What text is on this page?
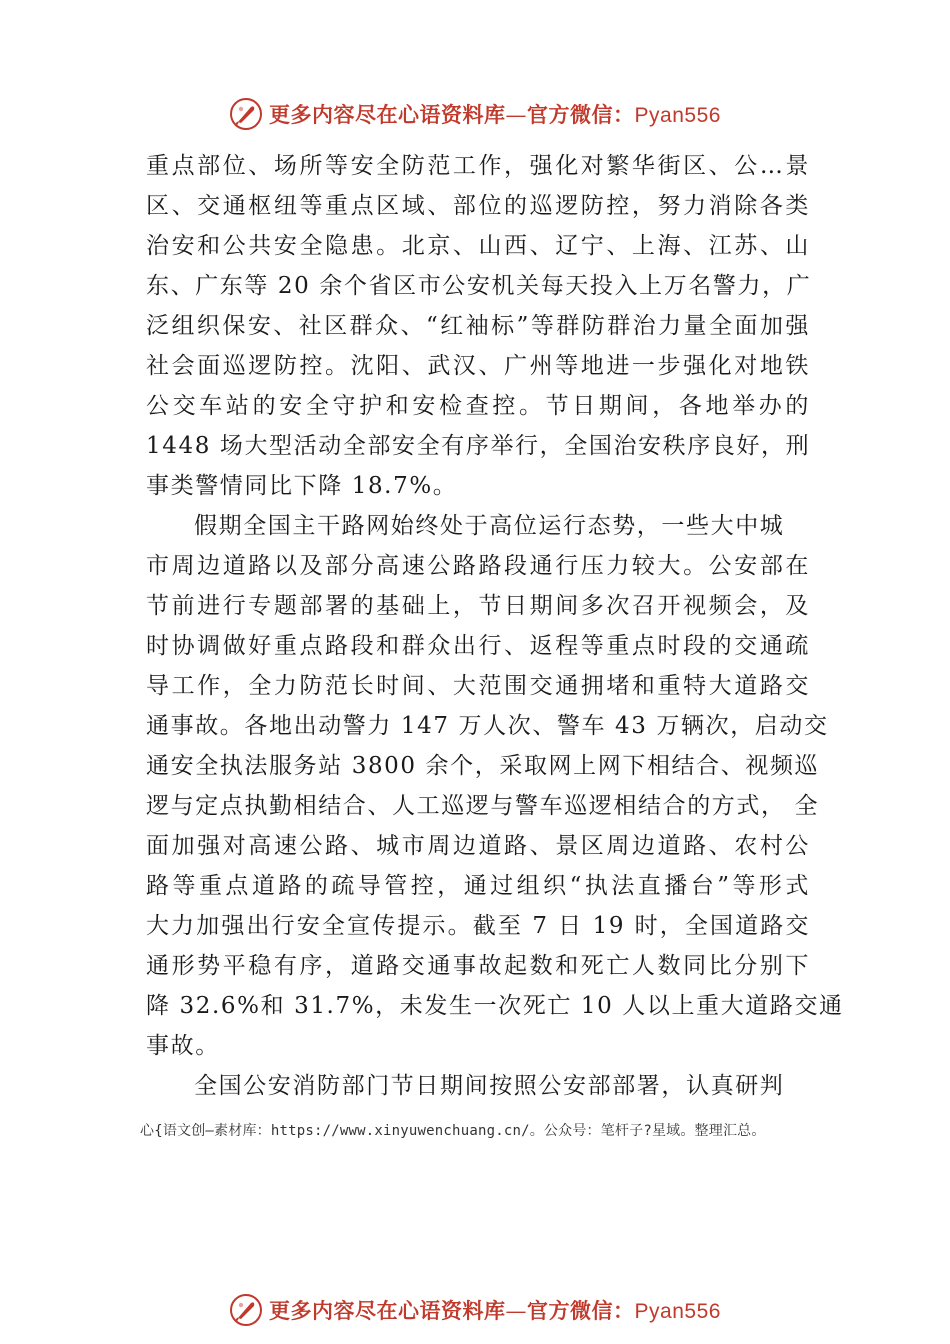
更多内容尽在心语资料库—官方微信：Pyan556
重点部位、场所等安全防范工作，强化对繁华街区、公…景
区、交通枢纽等重点区域、部位的巡逻防控，努力消除各类
治安和公共安全隐患。北京、山西、辽宁、上海、江苏、山
东、广东等 20 余个省区市公安机关每天投入上万名警力，广
泛组织保安、社区群众、“红袖标”等群防群治力量全面加强
社会面巡逻防控。沈阳、武汉、广州等地进一步强化对地铁
公交车站的安全守护和安检查控。节日期间，各地举办的
1448 场大型活动全部安全有序举行，全国治安秩序良好，刑
事类警情同比下降 18.7%。
假期全国主干路网始终处于高位运行态势，一些大中城
市周边道路以及部分高速公路路段通行压力较大。公安部在
节前进行专题部署的基础上，节日期间多次召开视频会，及
时协调做好重点路段和群众出行、返程等重点时段的交通疏
导工作，全力防范长时间、大范围交通拥堵和重特大道路交
通事故。各地出动警力 147 万人次、警车 43 万辆次，启动交
通安全执法服务站 3800 余个，采取网上网下相结合、视频巡
逻与定点执勤相结合、人工巡逻与警车巡逻相结合的方式， 全
面加强对高速公路、城市周边道路、景区周边道路、农村公
路等重点道路的疏导管控，通过组织“执法直播台”等形式
大力加强出行安全宣传提示。截至 7 日 19 时，全国道路交
通形势平稳有序，道路交通事故起数和死亡人数同比分别下
降 32.6%和 31.7%，未发生一次死亡 10 人以上重大道路交通
事故。
全国公安消防部门节日期间按照公安部部署，认真研判
心{语文创—素材库：https://www.xinyuwenchuang.cn/。公众号：笔杆子?星域。整理汇总。
更多内容尽在心语资料库—官方微信：Pyan556
